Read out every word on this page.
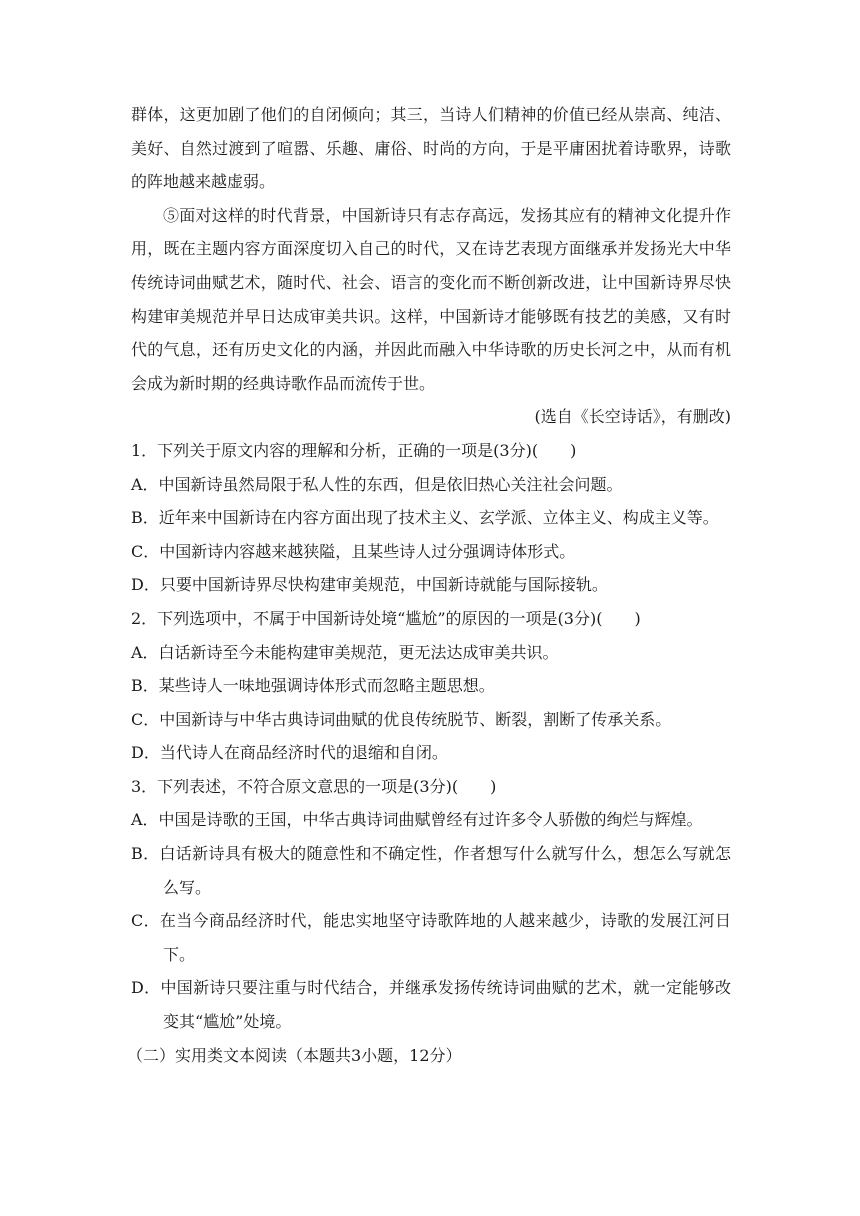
群体，这更加剧了他们的自闭倾向；其三，当诗人们精神的价值已经从崇高、纯洁、美好、自然过渡到了喧嚣、乐趣、庸俗、时尚的方向，于是平庸困扰着诗歌界，诗歌的阵地越来越虚弱。

⑤面对这样的时代背景，中国新诗只有志存高远，发扬其应有的精神文化提升作用，既在主题内容方面深度切入自己的时代，又在诗艺表现方面继承并发扬光大中华传统诗词曲赋艺术，随时代、社会、语言的变化而不断创新改进，让中国新诗界尽快构建审美规范并早日达成审美共识。这样，中国新诗才能够既有技艺的美感，又有时代的气息，还有历史文化的内涵，并因此而融入中华诗歌的历史长河之中，从而有机会成为新时期的经典诗歌作品而流传于世。

(选自《长空诗话》，有删改)

1．下列关于原文内容的理解和分析，正确的一项是(3分)(　　)

A．中国新诗虽然局限于私人性的东西，但是依旧热心关注社会问题。

B．近年来中国新诗在内容方面出现了技术主义、玄学派、立体主义、构成主义等。

C．中国新诗内容越来越狭隘，且某些诗人过分强调诗体形式。

D．只要中国新诗界尽快构建审美规范，中国新诗就能与国际接轨。

2．下列选项中，不属于中国新诗处境“尴尬”的原因的一项是(3分)(　　)

A．白话新诗至今未能构建审美规范，更无法达成审美共识。

B．某些诗人一味地强调诗体形式而忽略主题思想。

C．中国新诗与中华古典诗词曲赋的优良传统脱节、断裂，割断了传承关系。

D．当代诗人在商品经济时代的退缩和自闭。

3．下列表述，不符合原文意思的一项是(3分)(　　)

A．中国是诗歌的王国，中华古典诗词曲赋曾经有过许多令人骄傲的绚烂与辉煌。

B．白话新诗具有极大的随意性和不确定性，作者想写什么就写什么，想怎么写就怎么写。

C．在当今商品经济时代，能忠实地坚守诗歌阵地的人越来越少，诗歌的发展江河日下。

D．中国新诗只要注重与时代结合，并继承发扬传统诗词曲赋的艺术，就一定能够改变其“尴尬”处境。

（二）实用类文本阅读（本题共3小题，12分）
